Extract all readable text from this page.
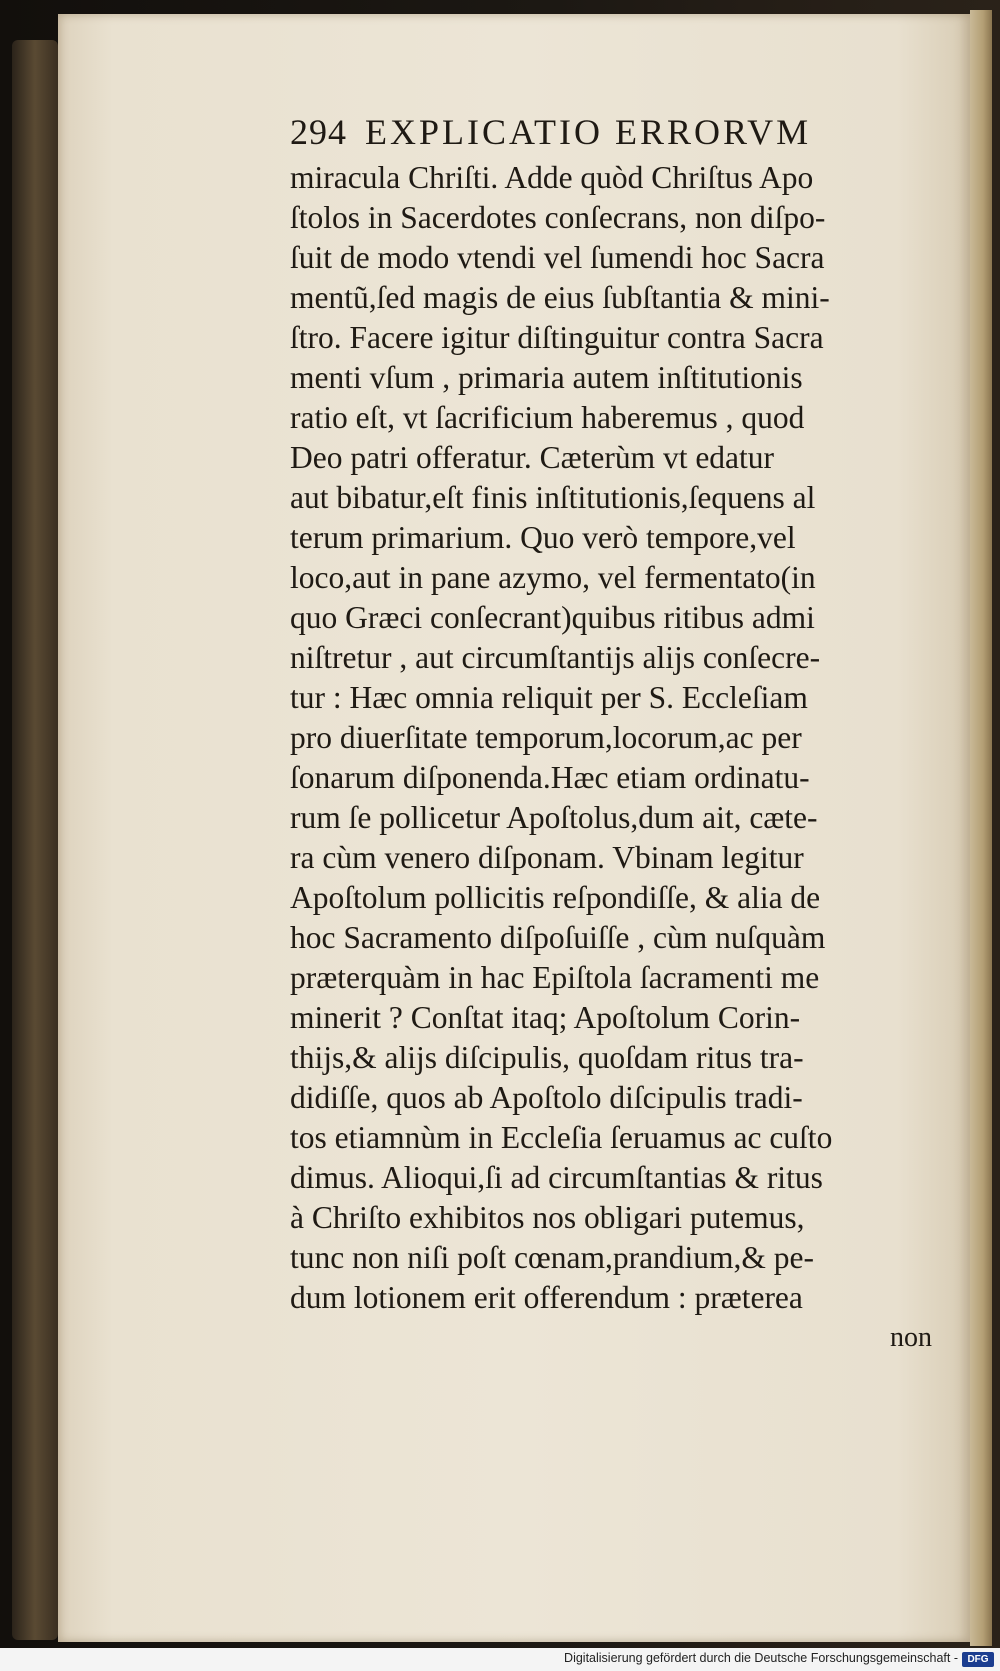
294 EXPLICATIO ERRORVM
miracula Chriſti. Adde quòd Chriſtus Apo
ſtolos in Sacerdotes conſecrans, non diſpo-
ſuit de modo vtendi vel ſumendi hoc Sacra
mentũ,ſed magis de eius ſubſtantia & mini-
ſtro. Facere igitur diſtinguitur contra Sacra
menti vſum , primaria autem inſtitutionis
ratio eſt, vt ſacrificium haberemus , quod
Deo patri offeratur. Cæterùm vt edatur
aut bibatur,eſt finis inſtitutionis,ſequens al
terum primarium. Quo verò tempore,vel
loco,aut in pane azymo, vel fermentato(in
quo Græci conſecrant)quibus ritibus admi
niſtretur , aut circumſtantijs alijs conſecre-
tur : Hæc omnia reliquit per S. Eccleſiam
pro diuerſitate temporum,locorum,ac per
ſonarum diſponenda.Hæc etiam ordinatu-
rum ſe pollicetur Apoſtolus,dum ait, cæte-
ra cùm venero diſponam. Vbinam legitur
Apoſtolum pollicitis reſpondiſſe, & alia de
hoc Sacramento diſpoſuiſſe , cùm nuſquàm
præterquàm in hac Epiſtola ſacramenti me
minerit ? Conſtat itaq; Apoſtolum Corin-
thijs,& alijs diſcipulis, quoſdam ritus tra-
didiſſe, quos ab Apoſtolo diſcipulis tradi-
tos etiamnùm in Eccleſia ſeruamus ac cuſto
dimus. Alioqui,ſi ad circumſtantias & ritus
à Chriſto exhibitos nos obligari putemus,
tunc non niſi poſt cœnam,prandium,& pe-
dum lotionem erit offerendum : præterea
non
Digitalisierung gefördert durch die Deutsche Forschungsgemeinschaft - DFG
